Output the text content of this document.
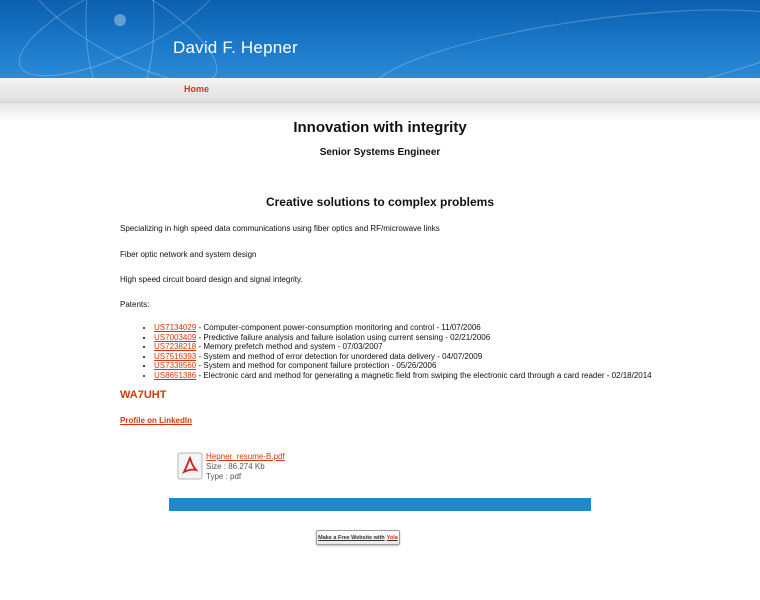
David F. Hepner
Home
Innovation with integrity
Senior Systems Engineer
Creative solutions to complex problems
Specializing in high speed data communications using fiber optics and RF/microwave links
Fiber optic network and system design
High speed circuit board design and signal integrity.
Patents:
• US7134029 - Computer-component power-consumption monitoring and control - 11/07/2006
• US7003409 - Predictive failure analysis and failure isolation using current sensing - 02/21/2006
• US7238218 - Memory prefetch method and system - 07/03/2007
• US7516393 - System and method of error detection for unordered data delivery - 04/07/2009
• US7338560 - System and method for component failure protection - 05/26/2006
• US8651386 - Electronic card and method for generating a magnetic field from swiping the electronic card through a card reader - 02/18/2014
WA7UHT
Profile on LinkedIn
Hepner_resume-B.pdf
Size : 86.274 Kb
Type : pdf
Make a Free Website with Yola
